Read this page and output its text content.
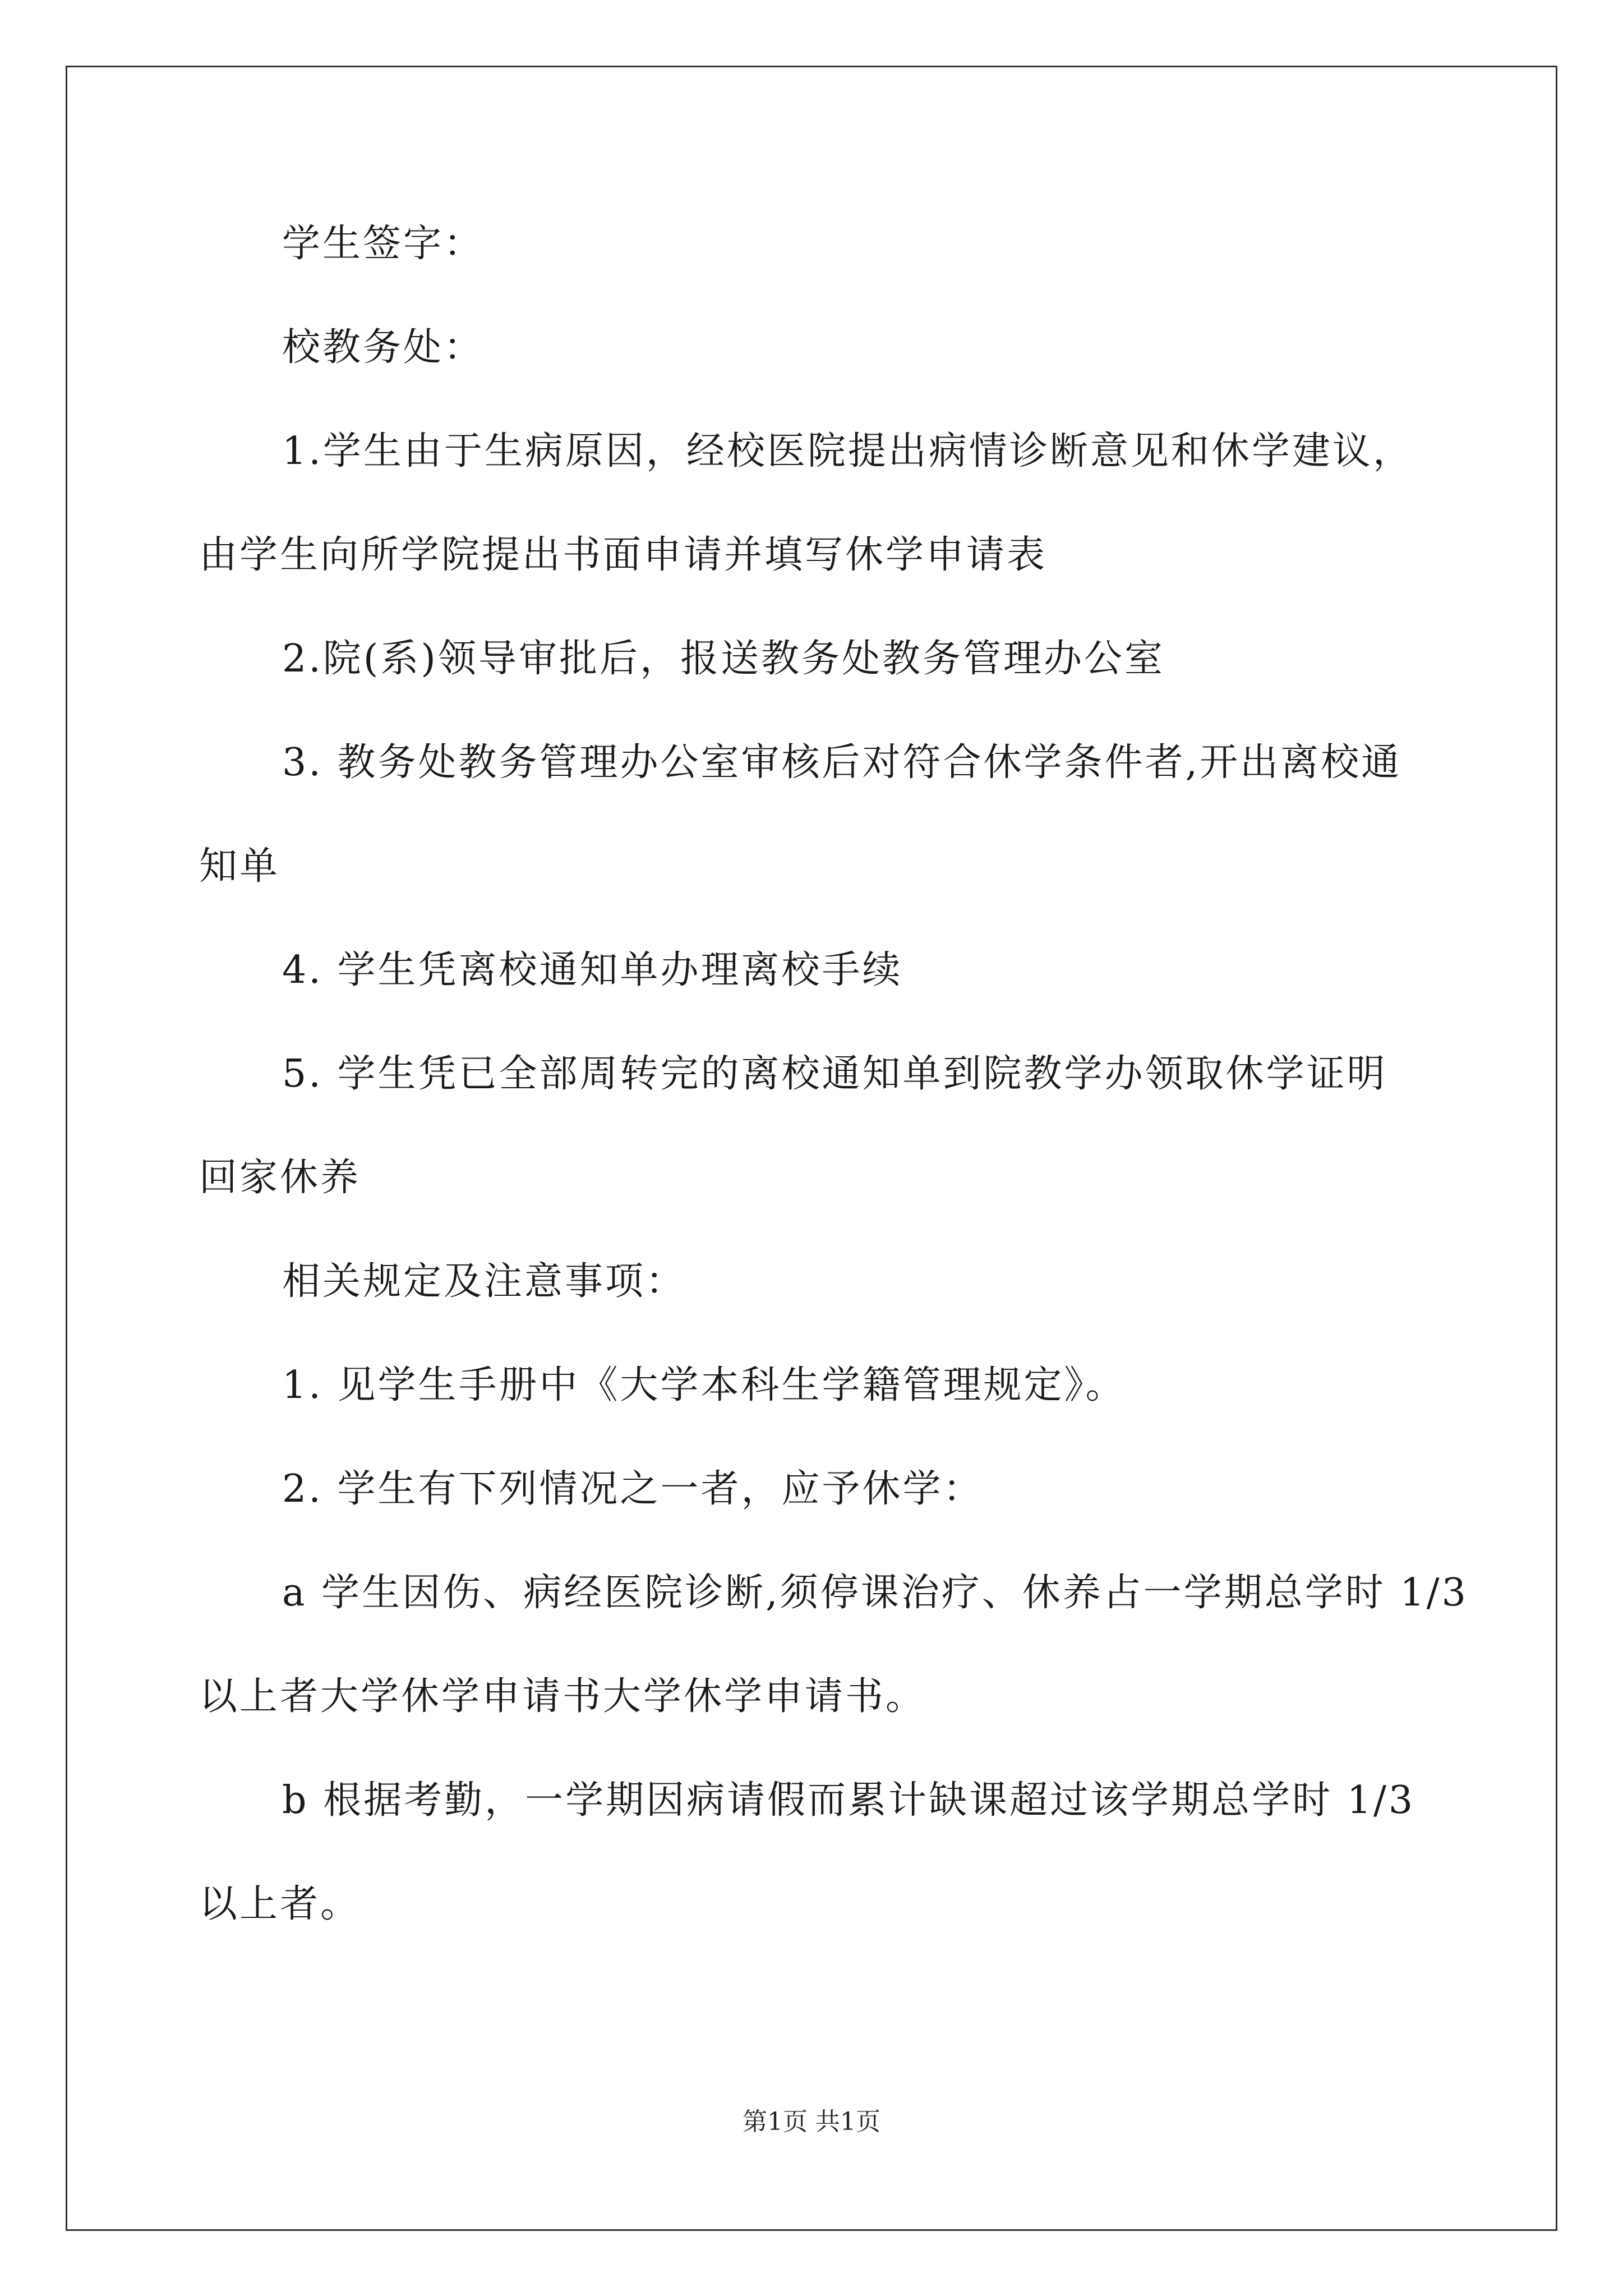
学生签字：
校教务处：
1.学生由于生病原因，经校医院提出病情诊断意见和休学建议，
由学生向所学院提出书面申请并填写休学申请表
2.院(系)领导审批后，报送教务处教务管理办公室
3. 教务处教务管理办公室审核后对符合休学条件者,开出离校通
知单
4. 学生凭离校通知单办理离校手续
5. 学生凭已全部周转完的离校通知单到院教学办领取休学证明
回家休养
相关规定及注意事项：
1. 见学生手册中《大学本科生学籍管理规定》。
2. 学生有下列情况之一者，应予休学：
a 学生因伤、病经医院诊断,须停课治疗、休养占一学期总学时 1/3
以上者大学休学申请书大学休学申请书。
b 根据考勤，一学期因病请假而累计缺课超过该学期总学时 1/3
以上者。
第1页 共1页
